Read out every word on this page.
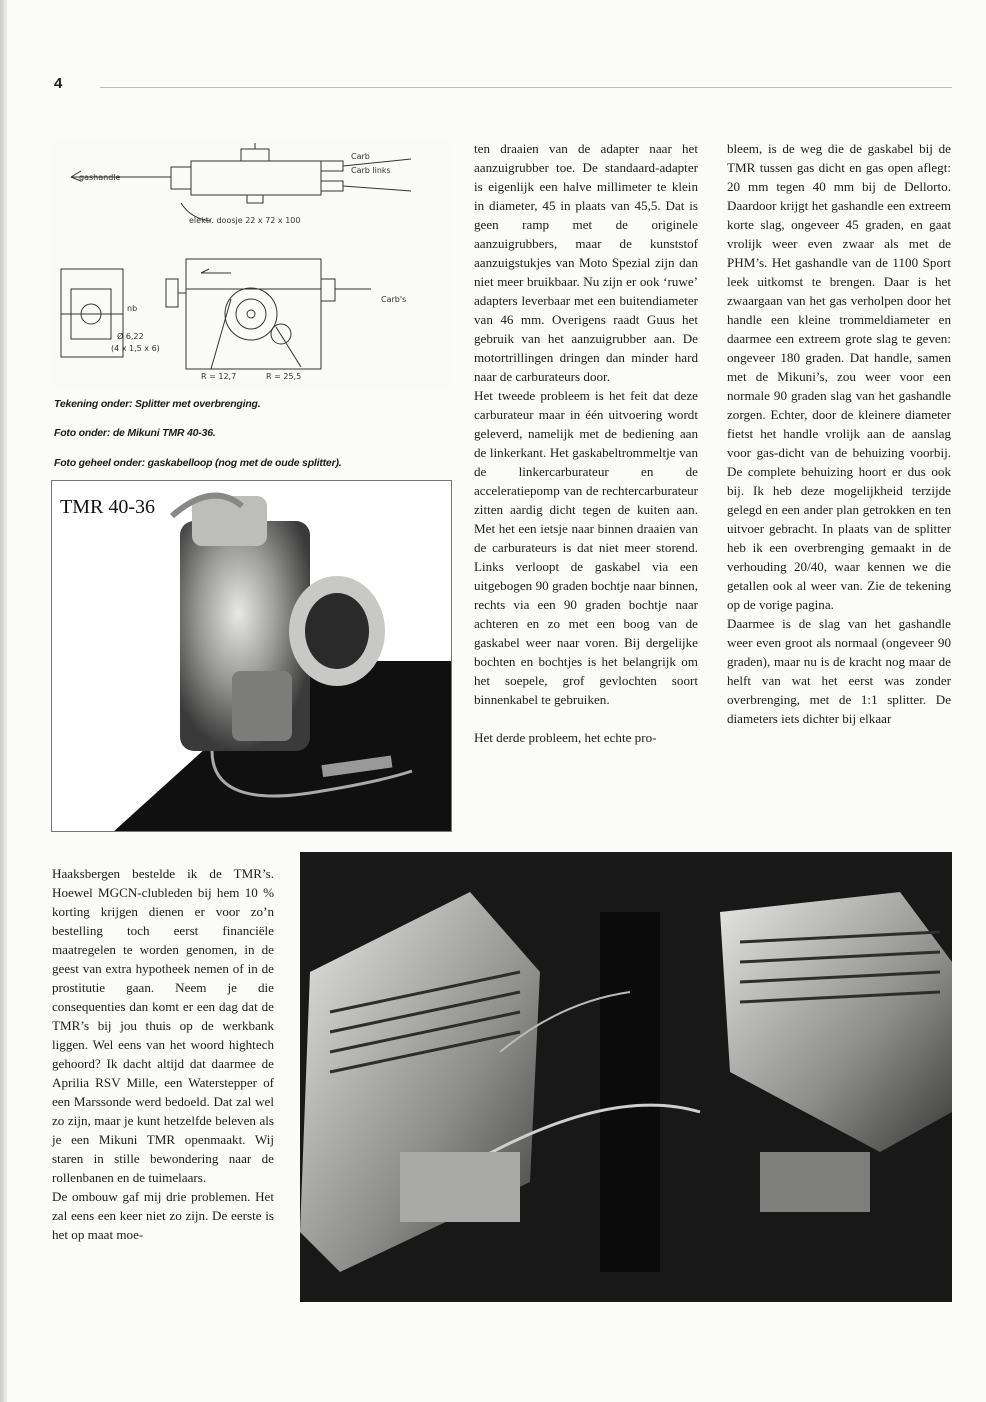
4
gashandle
Carb
Carb links
elektr. doosje 22 x 72 x 100
nb
Ø 6,22
(4 x 1,5 x 6)
Carb's
R = 12,7	R = 25,5
Tekening onder: Splitter met overbrenging.
Foto onder: de Mikuni TMR 40-36.
Foto geheel onder: gaskabelloop (nog met de oude splitter).
TMR 40-36

Haaksbergen bestelde ik de TMR’s. Hoewel MGCN-clubleden bij hem 10 % korting krijgen dienen er voor zo’n bestelling toch eerst financiële maatregelen te worden genomen, in de geest van extra hypotheek nemen of in de prostitutie gaan. Neem je die consequenties dan komt er een dag dat de TMR’s bij jou thuis op de werkbank liggen. Wel eens van het woord hightech gehoord? Ik dacht altijd dat daarmee de Aprilia RSV Mille, een Waterstepper of een Marssonde werd bedoeld. Dat zal wel zo zijn, maar je kunt hetzelfde beleven als je een Mikuni TMR openmaakt. Wij staren in stille bewondering naar de rollenbanen en de tuimelaars.

De ombouw gaf mij drie problemen. Het zal eens een keer niet zo zijn. De eerste is het op maat moe-

ten draaien van de adapter naar het aanzuigrubber toe. De standaard-adapter is eigenlijk een halve millimeter te klein in diameter, 45 in plaats van 45,5. Dat is geen ramp met de originele aanzuigrubbers, maar de kunststof aanzuigstukjes van Moto Spezial zijn dan niet meer bruikbaar. Nu zijn er ook ‘ruwe’ adapters leverbaar met een buitendiameter van 46 mm. Overigens raadt Guus het gebruik van het aanzuigrubber aan. De motortrillingen dringen dan minder hard naar de carburateurs door.

Het tweede probleem is het feit dat deze carburateur maar in één uitvoering wordt geleverd, namelijk met de bediening aan de linkerkant. Het gaskabeltrommeltje van de linkercarburateur en de acceleratiepomp van de rechtercarburateur zitten aardig dicht tegen de kuiten aan. Met het een ietsje naar binnen draaien van de carburateurs is dat niet meer storend. Links verloopt de gaskabel via een uitgebogen 90 graden bochtje naar binnen, rechts via een 90 graden bochtje naar achteren en zo met een boog van de gaskabel weer naar voren. Bij dergelijke bochten en bochtjes is het belangrijk om het soepele, grof gevlochten soort binnenkabel te gebruiken.

Het derde probleem, het echte pro-

bleem, is de weg die de gaskabel bij de TMR tussen gas dicht en gas open aflegt: 20 mm tegen 40 mm bij de Dellorto. Daardoor krijgt het gashandle een extreem korte slag, ongeveer 45 graden, en gaat vrolijk weer even zwaar als met de PHM’s. Het gashandle van de 1100 Sport leek uitkomst te brengen. Daar is het zwaargaan van het gas verholpen door het handle een kleine trommeldiameter en daarmee een extreem grote slag te geven: ongeveer 180 graden. Dat handle, samen met de Mikuni’s, zou weer voor een normale 90 graden slag van het gashandle zorgen. Echter, door de kleinere diameter fietst het handle vrolijk aan de aanslag voor gas-dicht van de behuizing voorbij. De complete behuizing hoort er dus ook bij. Ik heb deze mogelijkheid terzijde gelegd en een ander plan getrokken en ten uitvoer gebracht. In plaats van de splitter heb ik een overbrenging gemaakt in de verhouding 20/40, waar kennen we die getallen ook al weer van. Zie de tekening op de vorige pagina.

Daarmee is de slag van het gashandle weer even groot als normaal (ongeveer 90 graden), maar nu is de kracht nog maar de helft van wat het eerst was zonder overbrenging, met de 1:1 splitter. De diameters iets dichter bij elkaar
